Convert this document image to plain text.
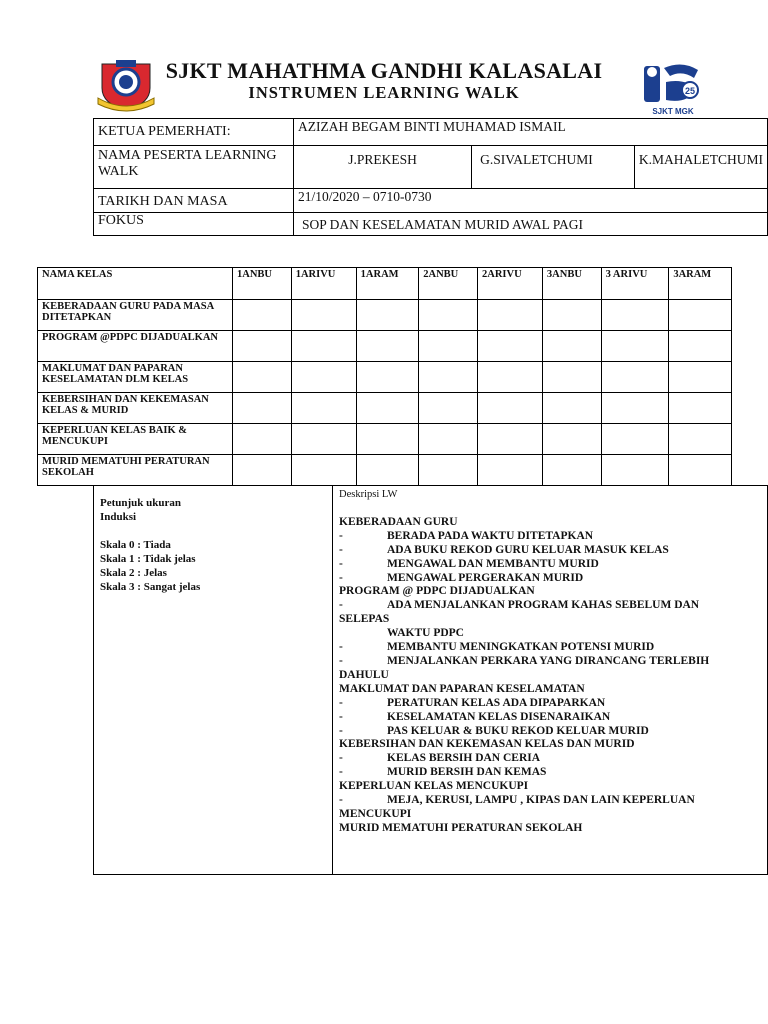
25
SJKT MGK
SJKT MAHATHMA GANDHI KALASALAI
INSTRUMEN LEARNING WALK
KETUA PEMERHATI:	AZIZAH BEGAM BINTI MUHAMAD ISMAIL		
NAMA PESERTA LEARNING WALK	J.PREKESH	G.SIVALETCHUMI	K.MAHALETCHUMI
TARIKH DAN MASA	21/10/2020 – 0710-0730		
FOKUS	SOP DAN KESELAMATAN MURID AWAL PAGI		
NAMA KELAS	1ANBU	1ARIVU	1ARAM	2ANBU	2ARIVU	3ANBU	3 ARIVU	3ARAM
KEBERADAAN GURU PADA MASA DITETAPKAN								
PROGRAM @PDPC DIJADUALKAN								
MAKLUMAT DAN PAPARAN KESELAMATAN DLM KELAS								
KEBERSIHAN DAN KEKEMASAN KELAS & MURID								
KEPERLUAN KELAS BAIK & MENCUKUPI								
MURID MEMATUHI PERATURAN SEKOLAH								
Petunjuk ukuran
Induksi
Skala 0 : Tiada
Skala 1 : Tidak jelas
Skala 2 : Jelas
Skala 3 : Sangat jelas

Deskripsi LW
KEBERADAAN GURU
-	BERADA PADA WAKTU DITETAPKAN
-	ADA BUKU REKOD GURU KELUAR MASUK KELAS
-	MENGAWAL DAN MEMBANTU MURID
-	MENGAWAL PERGERAKAN MURID
PROGRAM @ PDPC DIJADUALKAN
-	ADA MENJALANKAN PROGRAM KAHAS SEBELUM DAN
SELEPAS
WAKTU PDPC
-	MEMBANTU MENINGKATKAN POTENSI MURID
-	MENJALANKAN PERKARA YANG DIRANCANG TERLEBIH
DAHULU
MAKLUMAT DAN PAPARAN KESELAMATAN
-	PERATURAN KELAS ADA DIPAPARKAN
-	KESELAMATAN KELAS DISENARAIKAN
-	PAS KELUAR & BUKU REKOD KELUAR MURID
KEBERSIHAN DAN KEKEMASAN KELAS DAN MURID
-	KELAS BERSIH DAN CERIA
-	MURID BERSIH DAN KEMAS
KEPERLUAN KELAS MENCUKUPI
-	MEJA, KERUSI, LAMPU , KIPAS DAN LAIN KEPERLUAN
MENCUKUPI
MURID MEMATUHI PERATURAN SEKOLAH
